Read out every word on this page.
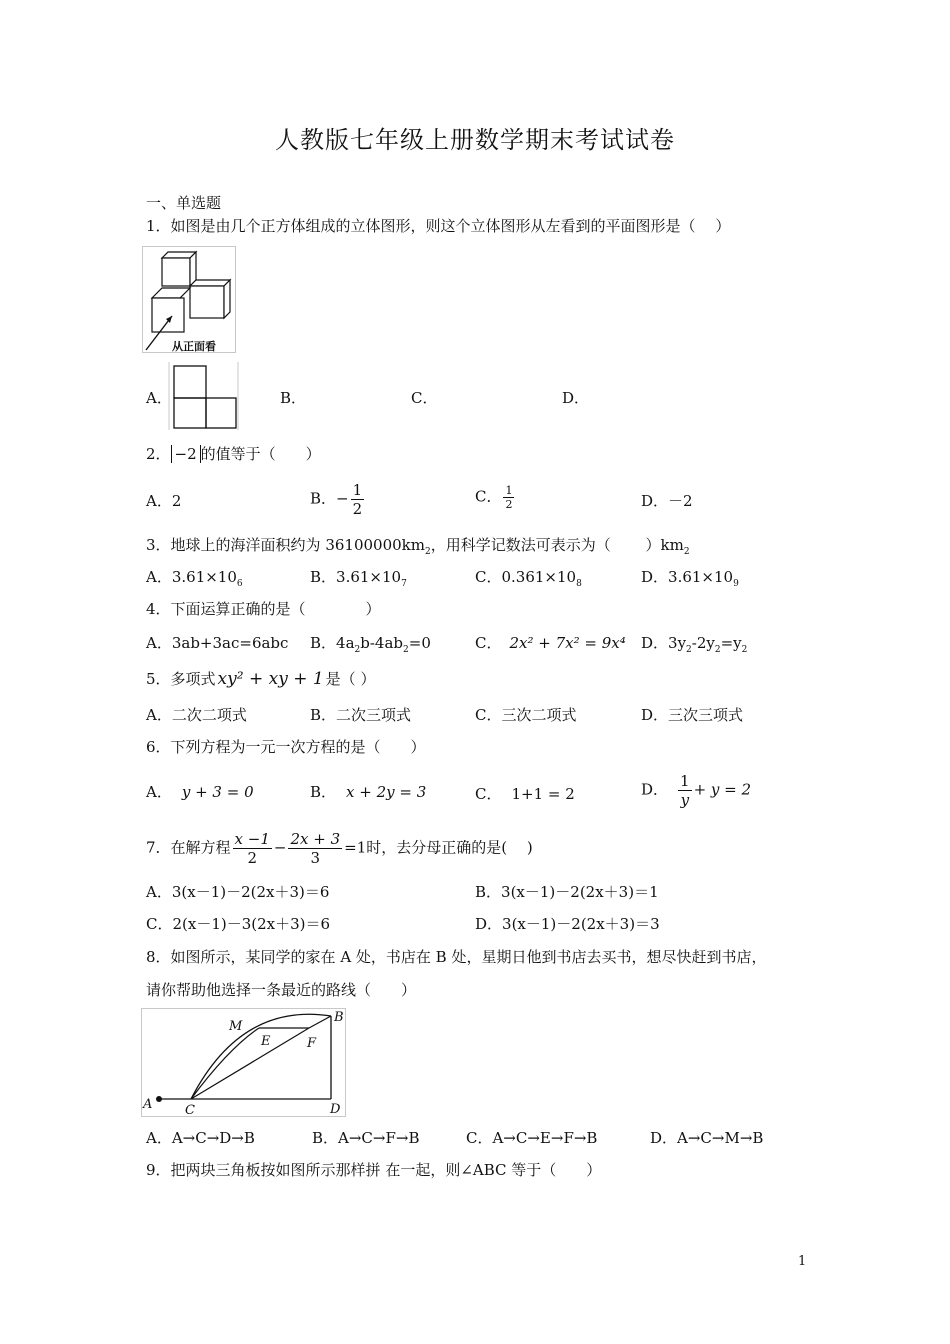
人教版七年级上册数学期末考试试卷
一、单选题
1．如图是由几个正方体组成的立体图形，则这个立体图形从左看到的平面图形是（　 ）
从正面看
A．	B．	C．	D．
2． −2 的值等于（　　）
A．2	B．− $\frac{1}{2}$	C． $\frac{1}{2}$	D．－2
3．地球上的海洋面积约为 $36100000km_2$，用科学记数法可表示为（　　 ）$km_2$
A．$3.61\times 10_6$	B．$3.61\times 10_7$	C．$0.361\times 10_8$	D．$3.61\times 10_9$
4．下面运算正确的是（　　　　）
A．3ab+3ac=6abc B．$4a_2b-4ab_2=0$	C． 2x² + 7x² = 9x⁴ D．$3y_2-2y_2=y_2$
5．多项式 xy² + xy + 1 是（ ）
A．二次二项式	B．二次三项式	C．三次二项式	D．三次三项式
6．下列方程为一元一次方程的是（　　）
A． y + 3 = 0	B． x + 2y = 3	C． 1+1 = 2	D． $\frac{1}{y} + y = 2$
7．在解方程 $\frac{x -1}{2} - \frac{2x + 3}{3} =1$时，去分母正确的是(　 )
A．3(x－1)－2(2x＋3)＝6	B．3(x－1)－2(2x＋3)＝1
C．2(x－1)－3(2x＋3)＝6	D．3(x－1)－2(2x＋3)＝3
8．如图所示，某同学的家在 A 处，书店在 B 处，星期日他到书店去买书，想尽快赶到书店，
请你帮助他选择一条最近的路线（　　）
A	C	D
B
M
E	F
A．A→C→D→B	B．A→C→F→B	C．A→C→E→F→B	D．A→C→M→B
9．把两块三角板按如图所示那样拼 在一起，则∠ABC 等于（　　）
1
